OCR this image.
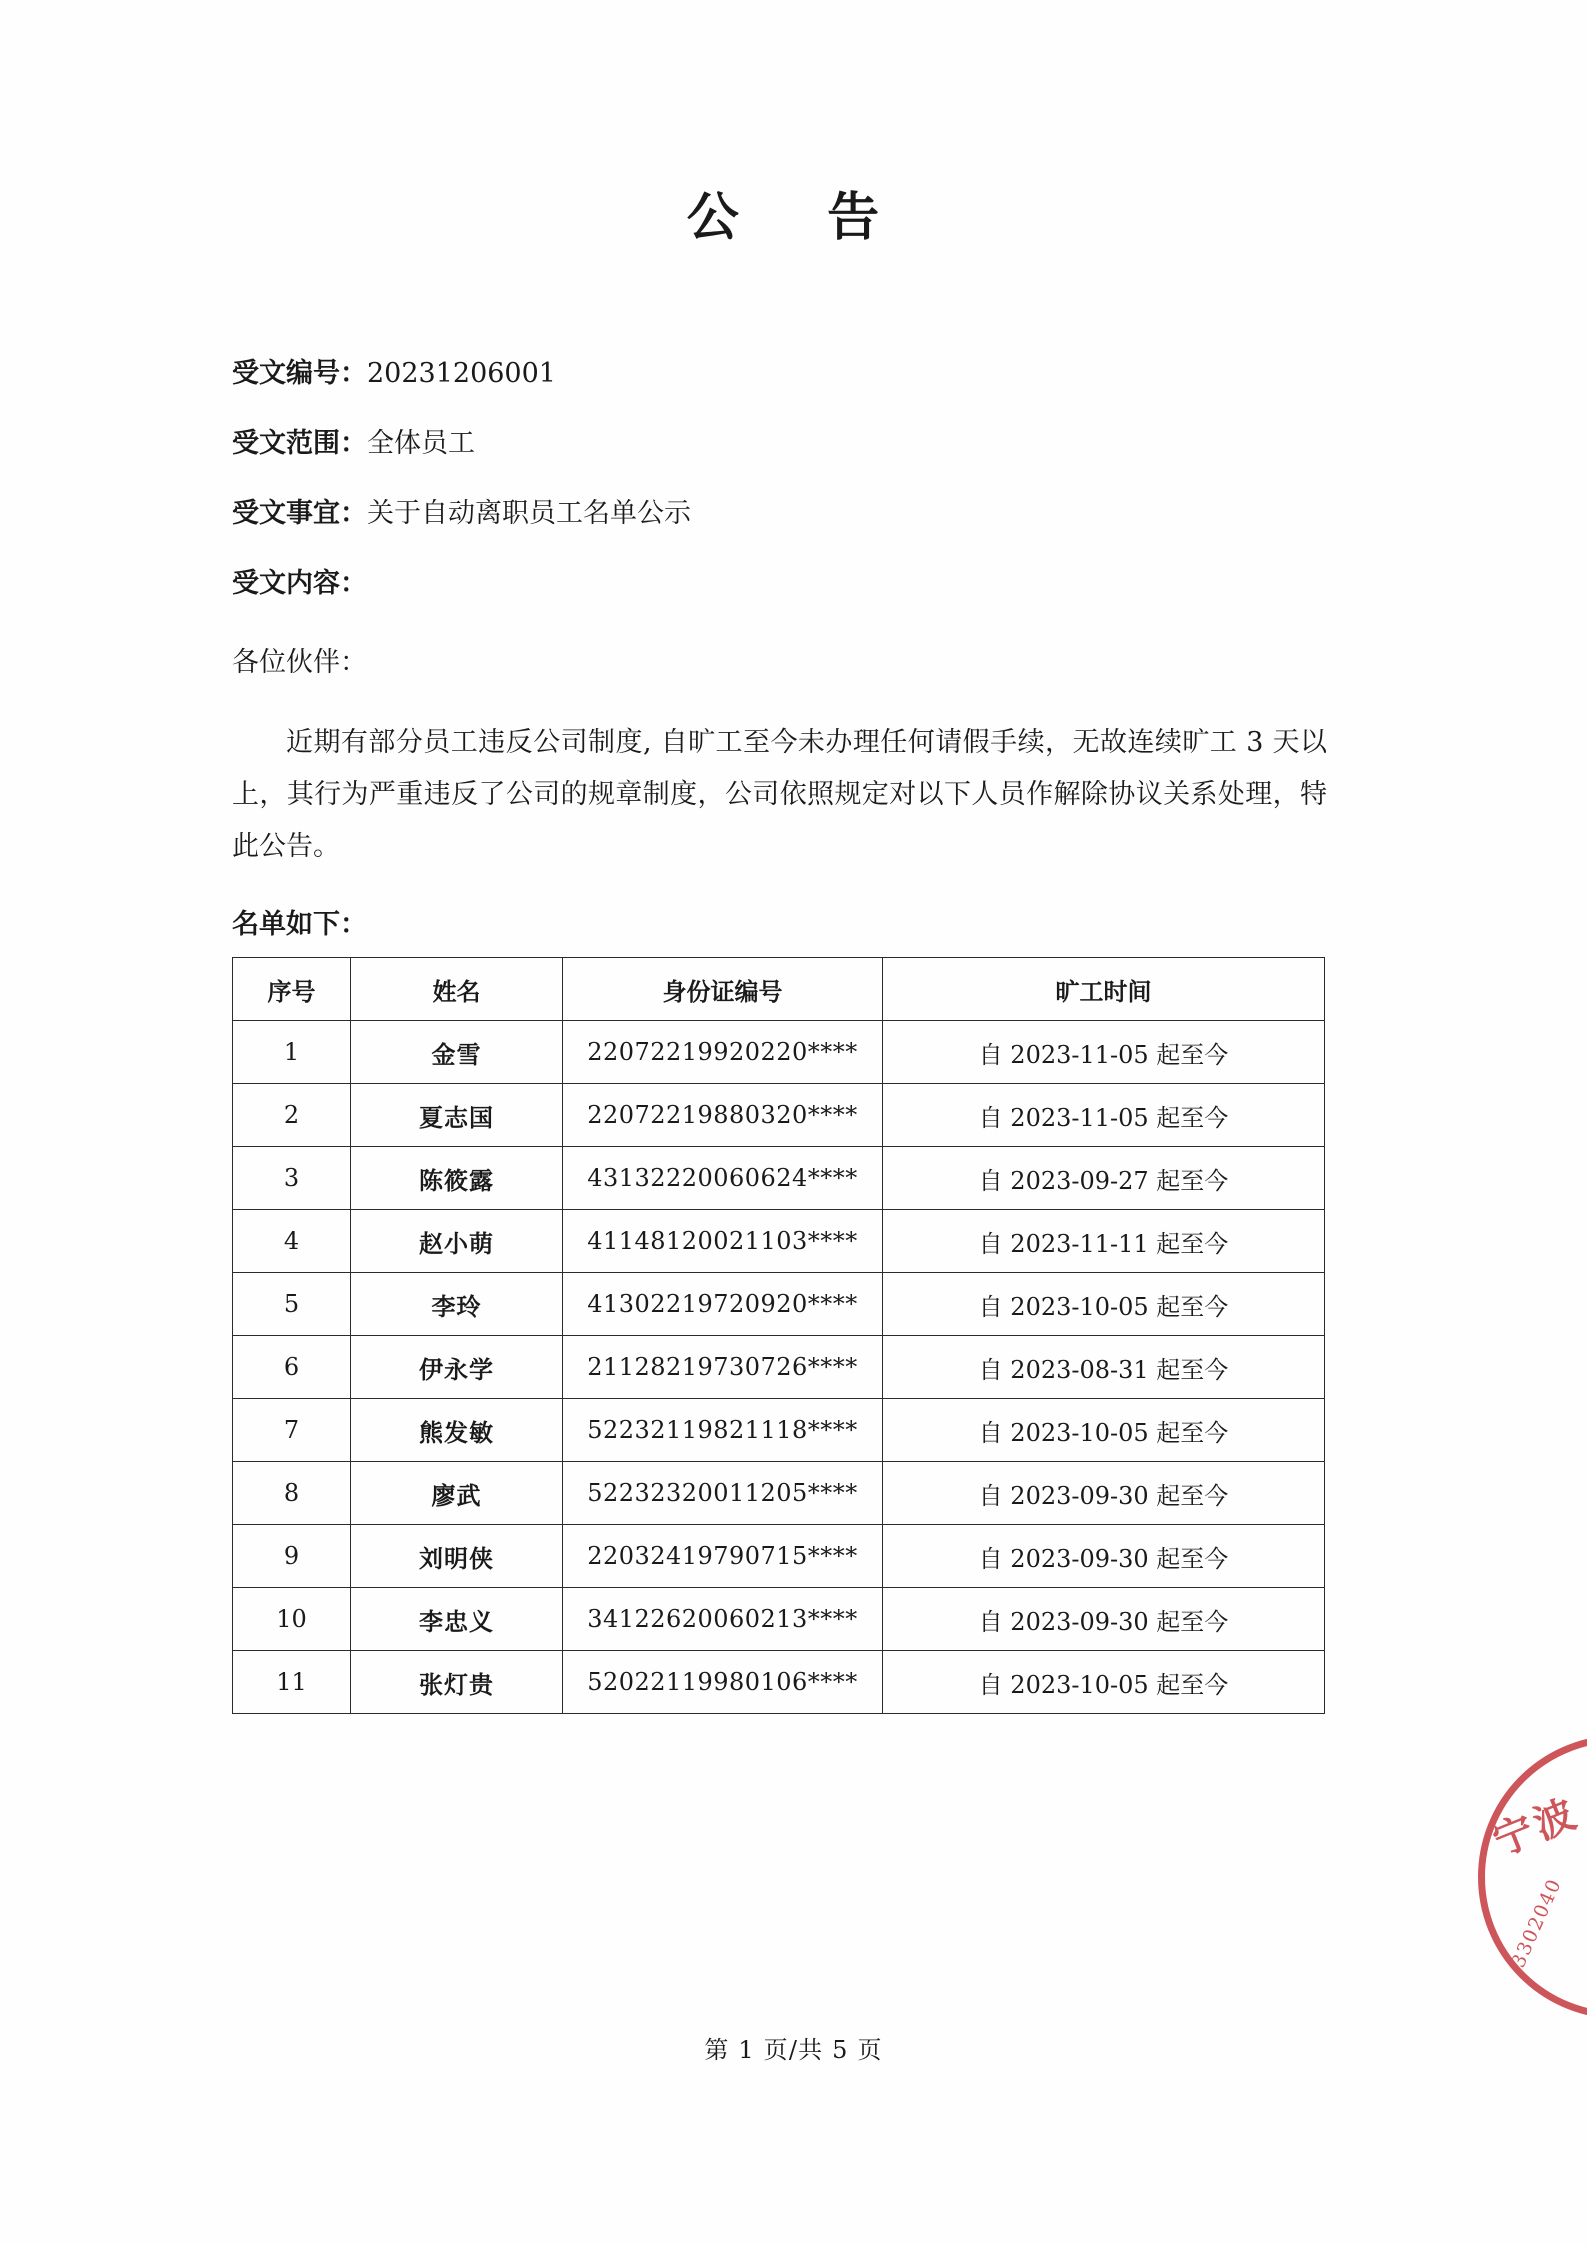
公　告
受文编号：20231206001
受文范围：全体员工
受文事宜：关于自动离职员工名单公示
受文内容：
各位伙伴：

近期有部分员工违反公司制度, 自旷工至今未办理任何请假手续，无故连续旷工 3 天以上，其行为严重违反了公司的规章制度，公司依照规定对以下人员作解除协议关系处理，特此公告。

名单如下：
序号	姓名	身份证编号	旷工时间
1	金雪	22072219920220****	自 2023-11-05 起至今
2	夏志国	22072219880320****	自 2023-11-05 起至今
3	陈筱露	43132220060624****	自 2023-09-27 起至今
4	赵小萌	41148120021103****	自 2023-11-11 起至今
5	李玲	41302219720920****	自 2023-10-05 起至今
6	伊永学	21128219730726****	自 2023-08-31 起至今
7	熊发敏	52232119821118****	自 2023-10-05 起至今
8	廖武	52232320011205****	自 2023-09-30 起至今
9	刘明侠	22032419790715****	自 2023-09-30 起至今
10	李忠义	34122620060213****	自 2023-09-30 起至今
11	张灯贵	52022119980106****	自 2023-10-05 起至今
宁波
3302040
第 1 页/共 5 页
